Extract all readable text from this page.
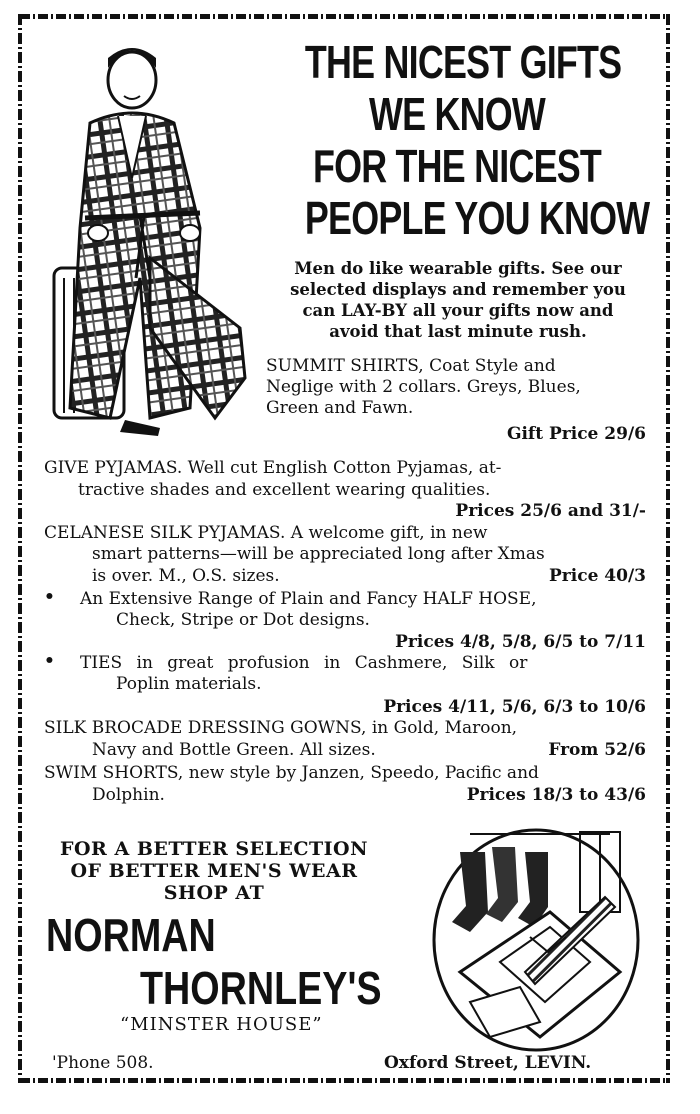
THE NICEST GIFTS
WE KNOW
FOR THE NICEST
PEOPLE YOU KNOW
Men do like wearable gifts. See our
selected displays and remember you
can LAY-BY all your gifts now and
avoid that last minute rush.
SUMMIT SHIRTS, Coat Style and
Neglige with 2 collars. Greys, Blues,
Green and Fawn.
Gift Price 29/6
GIVE PYJAMAS. Well cut English Cotton Pyjamas, at-
tractive shades and excellent wearing qualities.
Prices 25/6 and 31/-
CELANESE SILK PYJAMAS. A welcome gift, in new
smart patterns—will be appreciated long after Xmas
is over. M., O.S. sizes.	Price 40/3
• An Extensive Range of Plain and Fancy HALF HOSE,
Check, Stripe or Dot designs.
Prices 4/8, 5/8, 6/5 to 7/11
• TIES in great profusion in Cashmere, Silk or
Poplin materials.
Prices 4/11, 5/6, 6/3 to 10/6
SILK BROCADE DRESSING GOWNS, in Gold, Maroon,
Navy and Bottle Green. All sizes.	From 52/6
SWIM SHORTS, new style by Janzen, Speedo, Pacific and
Dolphin.	Prices 18/3 to 43/6
FOR A BETTER SELECTION
OF BETTER MEN'S WEAR
SHOP AT
NORMAN
THORNLEY'S
“MINSTER HOUSE”
'Phone 508.	Oxford Street, LEVIN.
